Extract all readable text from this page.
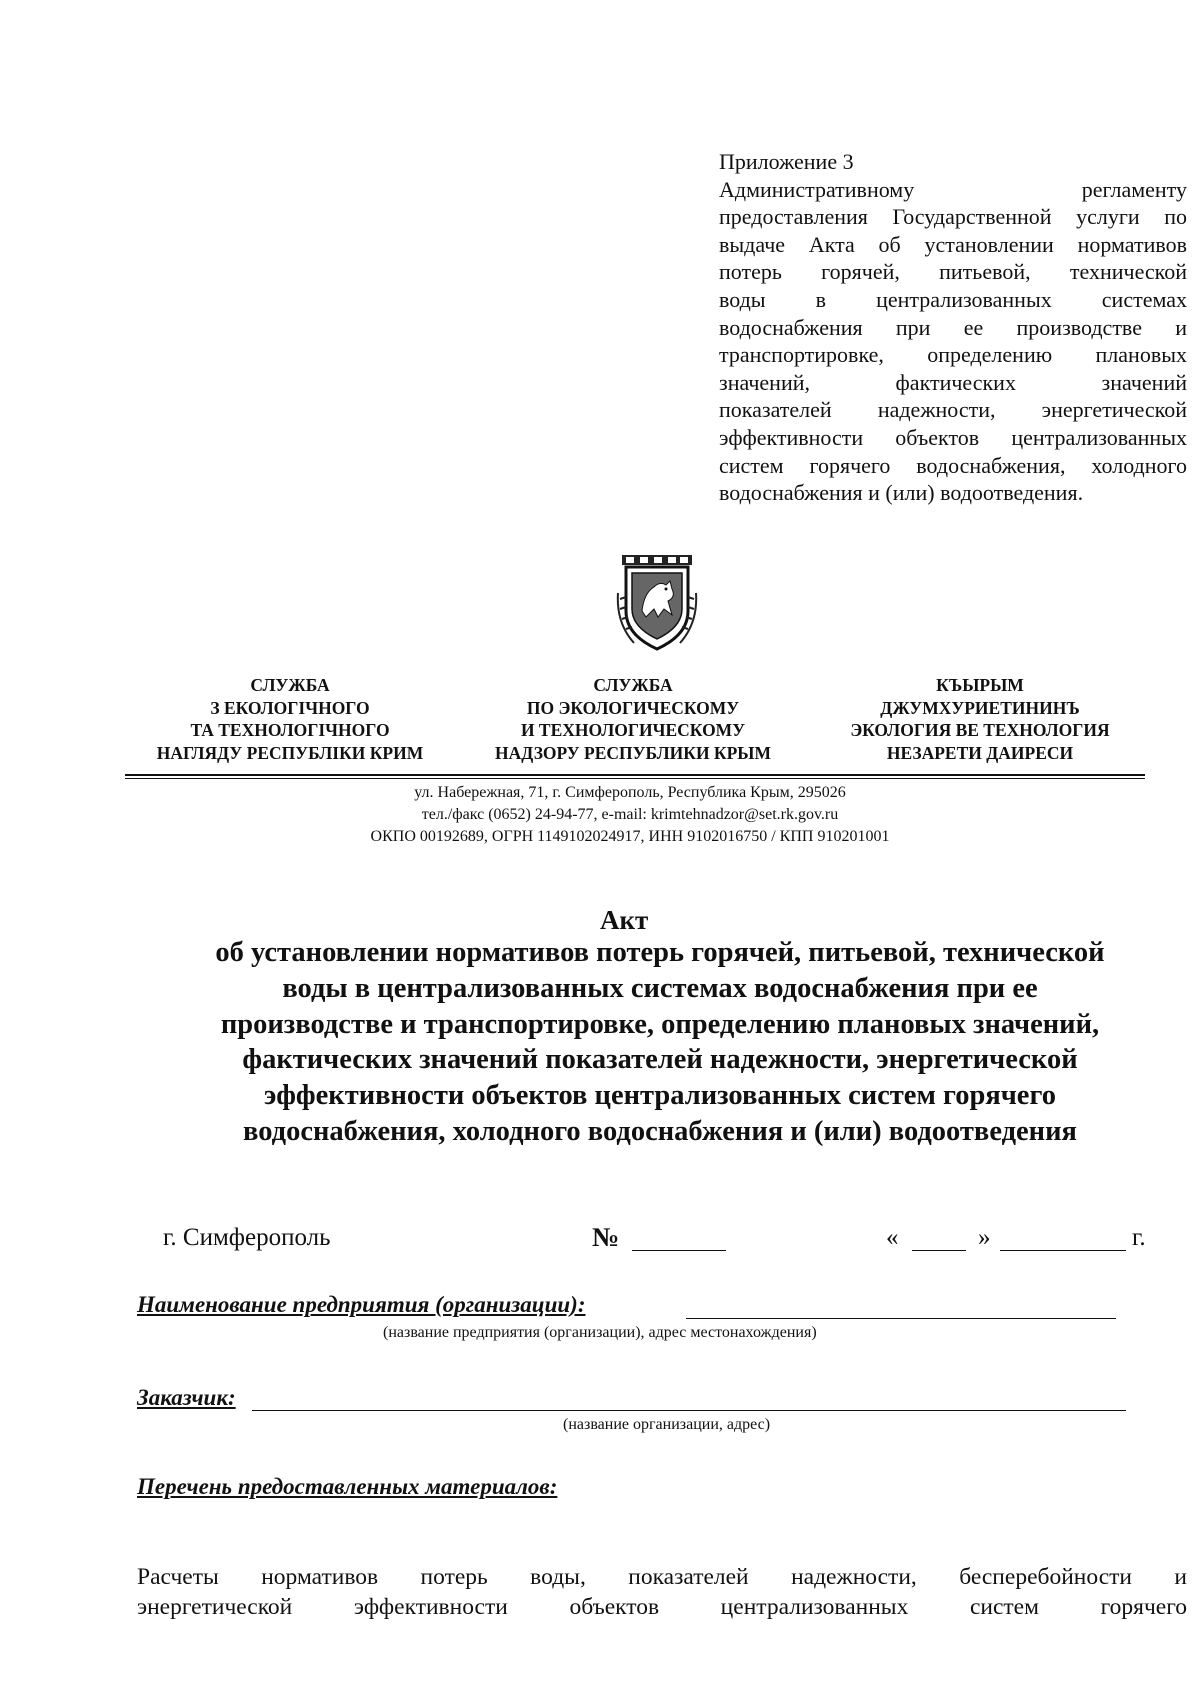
Приложение 3
Административному регламенту
предоставления Государственной услуги по
выдаче Акта об установлении нормативов
потерь горячей, питьевой, технической
воды в централизованных системах
водоснабжения при ее производстве и
транспортировке, определению плановых
значений, фактических значений
показателей надежности, энергетической
эффективности объектов централизованных
систем горячего водоснабжения, холодного
водоснабжения и (или) водоотведения.
СЛУЖБА
З ЕКОЛОГІЧНОГО
ТА ТЕХНОЛОГІЧНОГО
НАГЛЯДУ РЕСПУБЛІКИ КРИМ
СЛУЖБА
ПО ЭКОЛОГИЧЕСКОМУ
И ТЕХНОЛОГИЧЕСКОМУ
НАДЗОРУ РЕСПУБЛИКИ КРЫМ
КЪЫРЫМ
ДЖУМХУРИЕТИНИНЪ
ЭКОЛОГИЯ ВЕ ТЕХНОЛОГИЯ
НЕЗАРЕТИ ДАИРЕСИ
ул. Набережная, 71, г. Симферополь, Республика Крым, 295026
тел./факс (0652) 24-94-77, e-mail: krimtehnadzor@set.rk.gov.ru
ОКПО 00192689, ОГРН 1149102024917, ИНН 9102016750 / КПП 910201001
Акт
об установлении нормативов потерь горячей, питьевой, технической
воды в централизованных системах водоснабжения при ее
производстве и транспортировке, определению плановых значений,
фактических значений показателей надежности, энергетической
эффективности объектов централизованных систем горячего
водоснабжения, холодного водоснабжения и (или) водоотведения
г. Симферополь	№	«	»	г.
Наименование предприятия (организации):
(название предприятия (организации), адрес местонахождения)
Заказчик:
(название организации, адрес)
Перечень предоставленных материалов:
Расчеты нормативов потерь воды, показателей надежности, бесперебойности и
энергетической эффективности объектов централизованных систем горячего
